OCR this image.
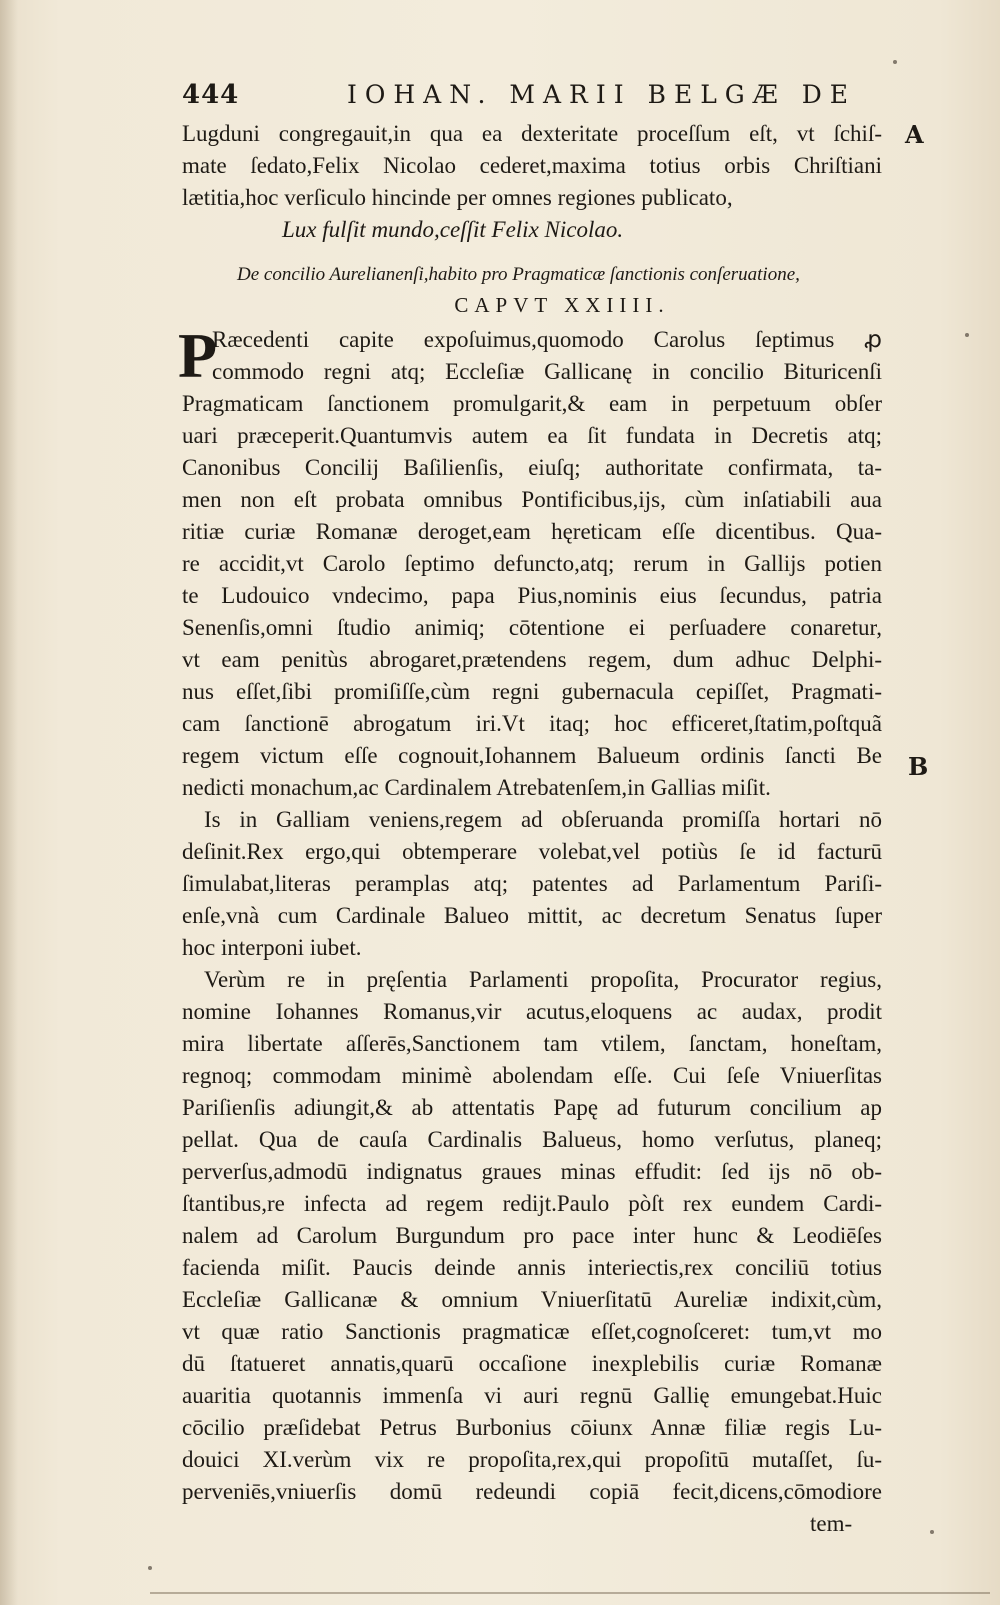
444	IOHAN. MARII BELGÆ DE
A
B
Lugduni congregauit,in qua ea dexteritate proceſſum eſt, vt ſchiſ-
mate ſedato,Felix Nicolao cederet,maxima totius orbis Chriſtiani
lætitia,hoc verſiculo hincinde per omnes regiones publicato,
Lux fulſit mundo,ceſſit Felix Nicolao.
De concilio Aurelianenſi,habito pro Pragmaticæ ſanctionis conſeruatione,
CAPVT XXIIII.
P
Ræcedenti capite expoſuimus,quomodo Carolus ſeptimus ꝓ
commodo regni atq; Eccleſiæ Gallicanę in concilio Bituricenſi
Pragmaticam ſanctionem promulgarit,& eam in perpetuum obſer
uari præceperit.Quantumvis autem ea ſit fundata in Decretis atq;
Canonibus Concilij Baſilienſis, eiuſq; authoritate confirmata, ta-
men non eſt probata omnibus Pontificibus,ijs, cùm inſatiabili aua
ritiæ curiæ Romanæ deroget,eam hęreticam eſſe dicentibus. Qua-
re accidit,vt Carolo ſeptimo defuncto,atq; rerum in Gallijs potien
te Ludouico vndecimo, papa Pius,nominis eius ſecundus, patria
Senenſis,omni ſtudio animiq; cōtentione ei perſuadere conaretur,
vt eam penitùs abrogaret,prætendens regem, dum adhuc Delphi-
nus eſſet,ſibi promiſiſſe,cùm regni gubernacula cepiſſet, Pragmati-
cam ſanctionē abrogatum iri.Vt itaq; hoc efficeret,ſtatim,poſtquã
regem victum eſſe cognouit,Iohannem Balueum ordinis ſancti Be
nedicti monachum,ac Cardinalem Atrebatenſem,in Gallias miſit.
Is in Galliam veniens,regem ad obſeruanda promiſſa hortari nō
deſinit.Rex ergo,qui obtemperare volebat,vel potiùs ſe id facturū
ſimulabat,literas peramplas atq; patentes ad Parlamentum Pariſi-
enſe,vnà cum Cardinale Balueo mittit, ac decretum Senatus ſuper
hoc interponi iubet.
Verùm re in pręſentia Parlamenti propoſita, Procurator regius,
nomine Iohannes Romanus,vir acutus,eloquens ac audax, prodit
mira libertate aſſerēs,Sanctionem tam vtilem, ſanctam, honeſtam,
regnoq; commodam minimè abolendam eſſe. Cui ſeſe Vniuerſitas
Pariſienſis adiungit,& ab attentatis Papę ad futurum concilium ap
pellat. Qua de cauſa Cardinalis Balueus, homo verſutus, planeq;
perverſus,admodū indignatus graues minas effudit: ſed ijs nō ob-
ſtantibus,re infecta ad regem redijt.Paulo pòſt rex eundem Cardi-
nalem ad Carolum Burgundum pro pace inter hunc & Leodiēſes
facienda miſit. Paucis deinde annis interiectis,rex conciliū totius
Eccleſiæ Gallicanæ & omnium Vniuerſitatū Aureliæ indixit,cùm,
vt quæ ratio Sanctionis pragmaticæ eſſet,cognoſceret: tum,vt mo
dū ſtatueret annatis,quarū occaſione inexplebilis curiæ Romanæ
auaritia quotannis immenſa vi auri regnū Gallię emungebat.Huic
cōcilio præſidebat Petrus Burbonius cōiunx Annæ filiæ regis Lu-
douici XI.verùm vix re propoſita,rex,qui propoſitū mutaſſet, ſu-
perveniēs,vniuerſis domū redeundi copiā fecit,dicens,cōmodiore
tem-
